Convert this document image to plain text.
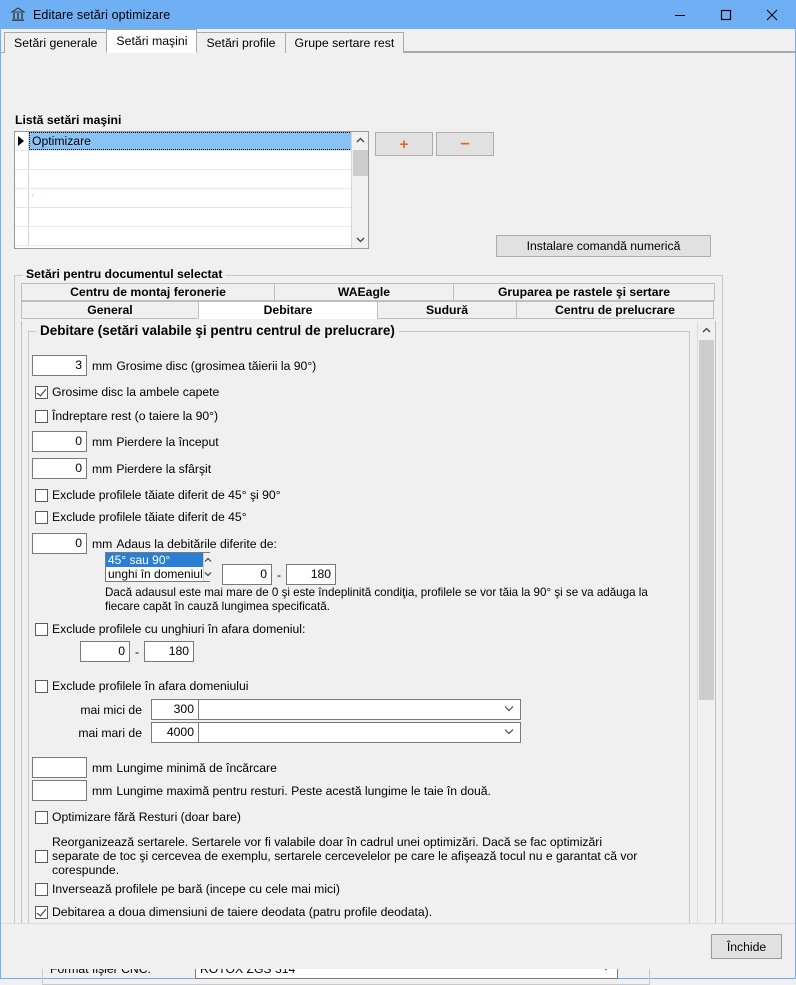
Editare setări optimizare
Setări generale	Setări maşini	Setări profile	Grupe sertare rest
Listă setări maşini
Optimizare
'
+	–
Instalare comandă numerică
Setări pentru documentul selectat
Centru de montaj feronerie	WAEagle	Gruparea pe rastele şi sertare
General	Debitare	Sudură	Centru de prelucrare
Debitare (setări valabile şi pentru centrul de prelucrare)
3 mm Grosime disc (grosimea tăierii la 90°)
Grosime disc la ambele capete
Îndreptare rest (o taiere la 90°)
0 mm Pierdere la început
0 mm Pierdere la sfârşit
Exclude profilele tăiate diferit de 45° şi 90°
Exclude profilele tăiate diferit de 45°
0 mm Adaus la debitările diferite de:
45° sau 90°
unghi în domeniul	0 -	180
Dacă adausul este mai mare de 0 şi este îndeplinită condiţia, profilele se vor tăia la 90° şi se va adăuga la fiecare capăt în cauză lungimea specificată.
Exclude profilele cu unghiuri în afara domeniul:
0 -	180
Exclude profilele în afara domeniului
mai mici de	300
mai mari de	4000
mm Lungime minimă de încărcare
mm Lungime maximă pentru resturi. Peste acestă lungime le taie în două.
Optimizare fără Resturi (doar bare)
Reorganizează sertarele. Sertarele vor fi valabile doar în cadrul unei optimizări. Dacă se fac optimizări separate de toc şi cercevea de exemplu, sertarele cercevelelor pe care le afişează tocul nu e garantat că vor corespunde.
Inversează profilele pe bară (incepe cu cele mai mici)
Debitarea a doua dimensiuni de taiere deodata (patru profile deodata).
Închide
